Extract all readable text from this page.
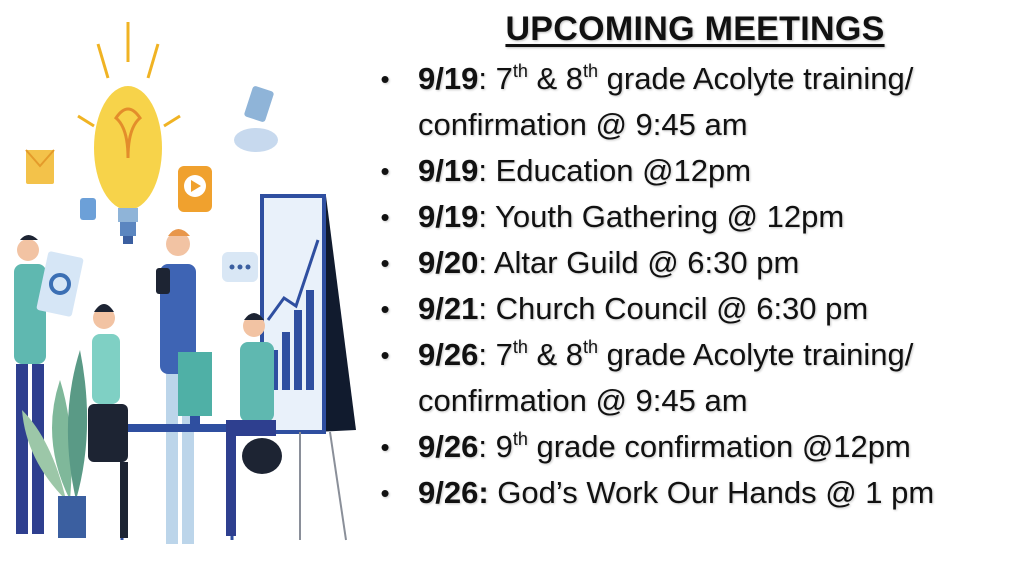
UPCOMING MEETINGS
• 9/19: 7th & 8th grade Acolyte training/
confirmation @ 9:45 am
• 9/19: Education @12pm
• 9/19: Youth Gathering @ 12pm
• 9/20: Altar Guild @ 6:30 pm
• 9/21: Church Council @ 6:30 pm
• 9/26: 7th & 8th grade Acolyte training/
confirmation @ 9:45 am
• 9/26: 9th grade confirmation @12pm
• 9/26: God’s Work Our Hands @ 1 pm
